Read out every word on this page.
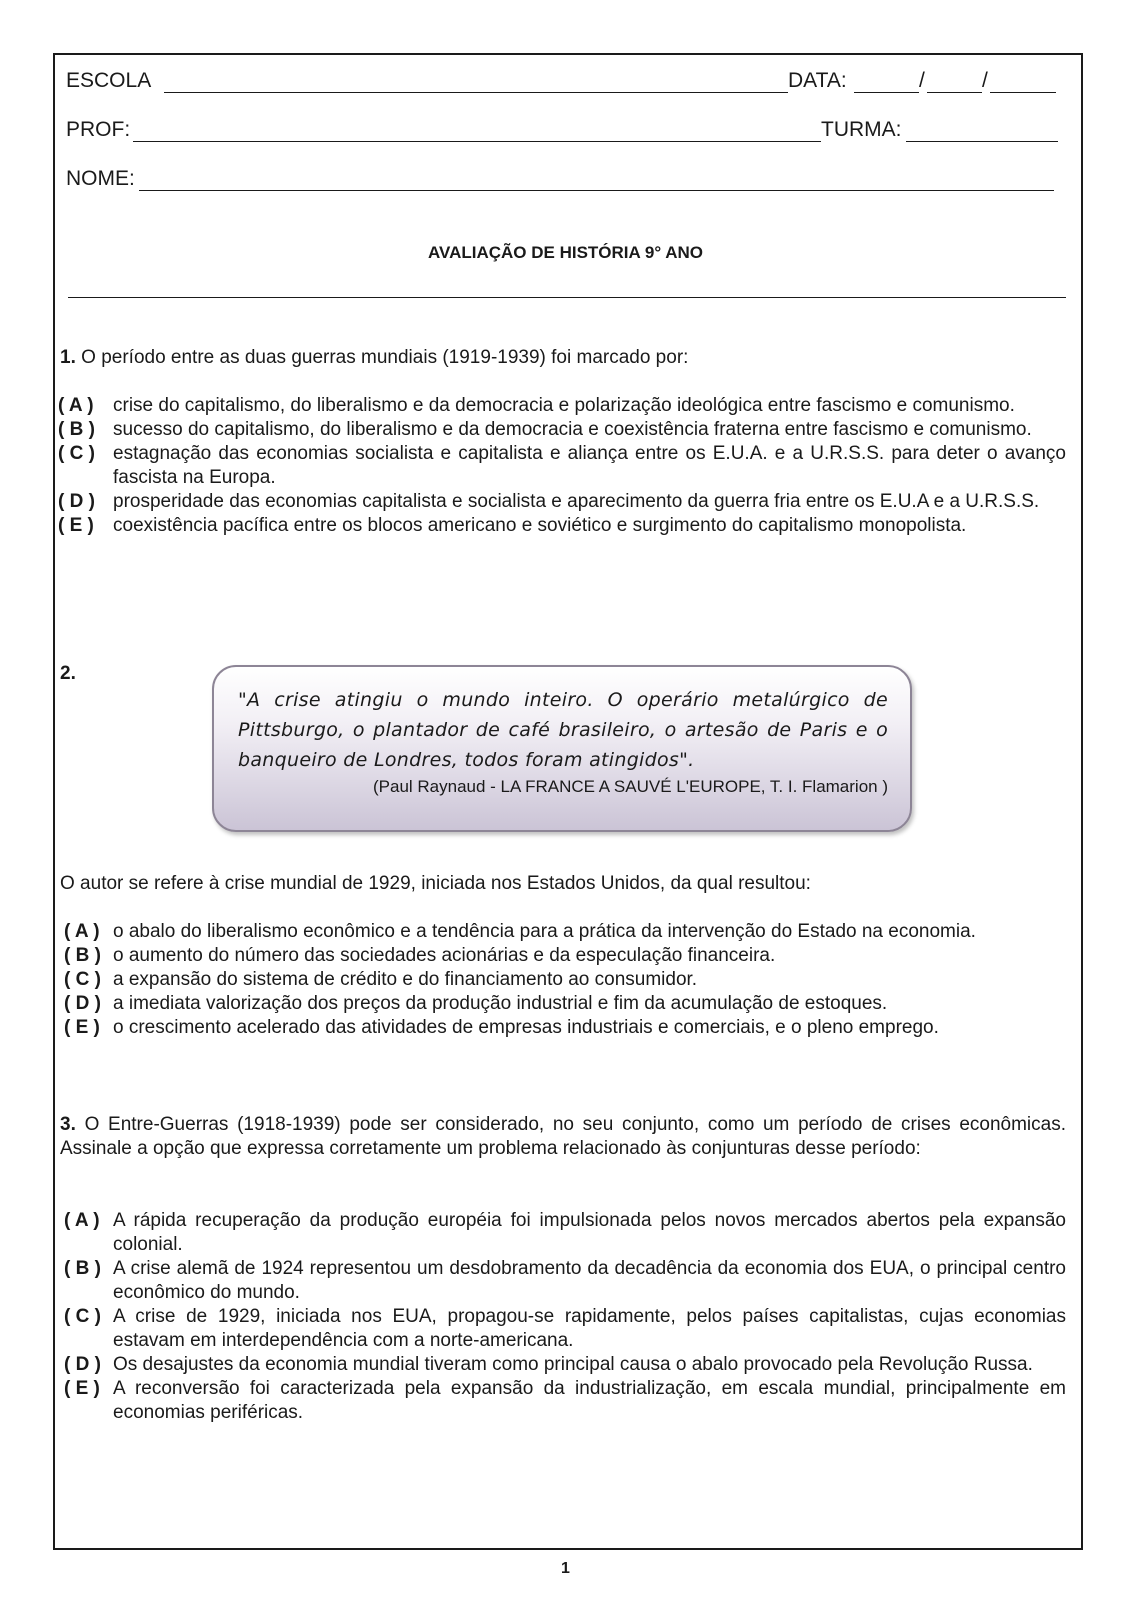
ESCOLA	DATA:	/	/
PROF:	TURMA:
NOME:
AVALIAÇÃO DE HISTÓRIA 9° ANO
1. O período entre as duas guerras mundiais (1919-1939) foi marcado por:
( A )	crise do capitalismo, do liberalismo e da democracia e polarização ideológica entre fascismo e comunismo.
( B ) sucesso do capitalismo, do liberalismo e da democracia e coexistência fraterna entre fascismo e comunismo.
( C ) estagnação das economias socialista e capitalista e aliança entre os E.U.A. e a U.R.S.S. para deter o avanço fascista na Europa.
( D ) prosperidade das economias capitalista e socialista e aparecimento da guerra fria entre os E.U.A e a U.R.S.S.
( E )	coexistência pacífica entre os blocos americano e soviético e surgimento do capitalismo monopolista.
2.
"A crise atingiu o mundo inteiro. O operário metalúrgico de Pittsburgo, o plantador de café brasileiro, o artesão de Paris e o banqueiro de Londres, todos foram atingidos".
(Paul Raynaud - LA FRANCE A SAUVÉ L'EUROPE, T. I. Flamarion )
O autor se refere à crise mundial de 1929, iniciada nos Estados Unidos, da qual resultou:
( A ) o abalo do liberalismo econômico e a tendência para a prática da intervenção do Estado na economia.
( B ) o aumento do número das sociedades acionárias e da especulação financeira.
( C ) a expansão do sistema de crédito e do financiamento ao consumidor.
( D ) a imediata valorização dos preços da produção industrial e fim da acumulação de estoques.
( E ) o crescimento acelerado das atividades de empresas industriais e comerciais, e o pleno emprego.
3. O Entre-Guerras (1918-1939) pode ser considerado, no seu conjunto, como um período de crises econômicas. Assinale a opção que expressa corretamente um problema relacionado às conjunturas desse período:
( A ) A rápida recuperação da produção européia foi impulsionada pelos novos mercados abertos pela expansão colonial.
( B ) A crise alemã de 1924 representou um desdobramento da decadência da economia dos EUA, o principal centro econômico do mundo.
( C ) A crise de 1929, iniciada nos EUA, propagou-se rapidamente, pelos países capitalistas, cujas economias estavam em interdependência com a norte-americana.
( D ) Os desajustes da economia mundial tiveram como principal causa o abalo provocado pela Revolução Russa.
( E ) A reconversão foi caracterizada pela expansão da industrialização, em escala mundial, principalmente em economias periféricas.
1
